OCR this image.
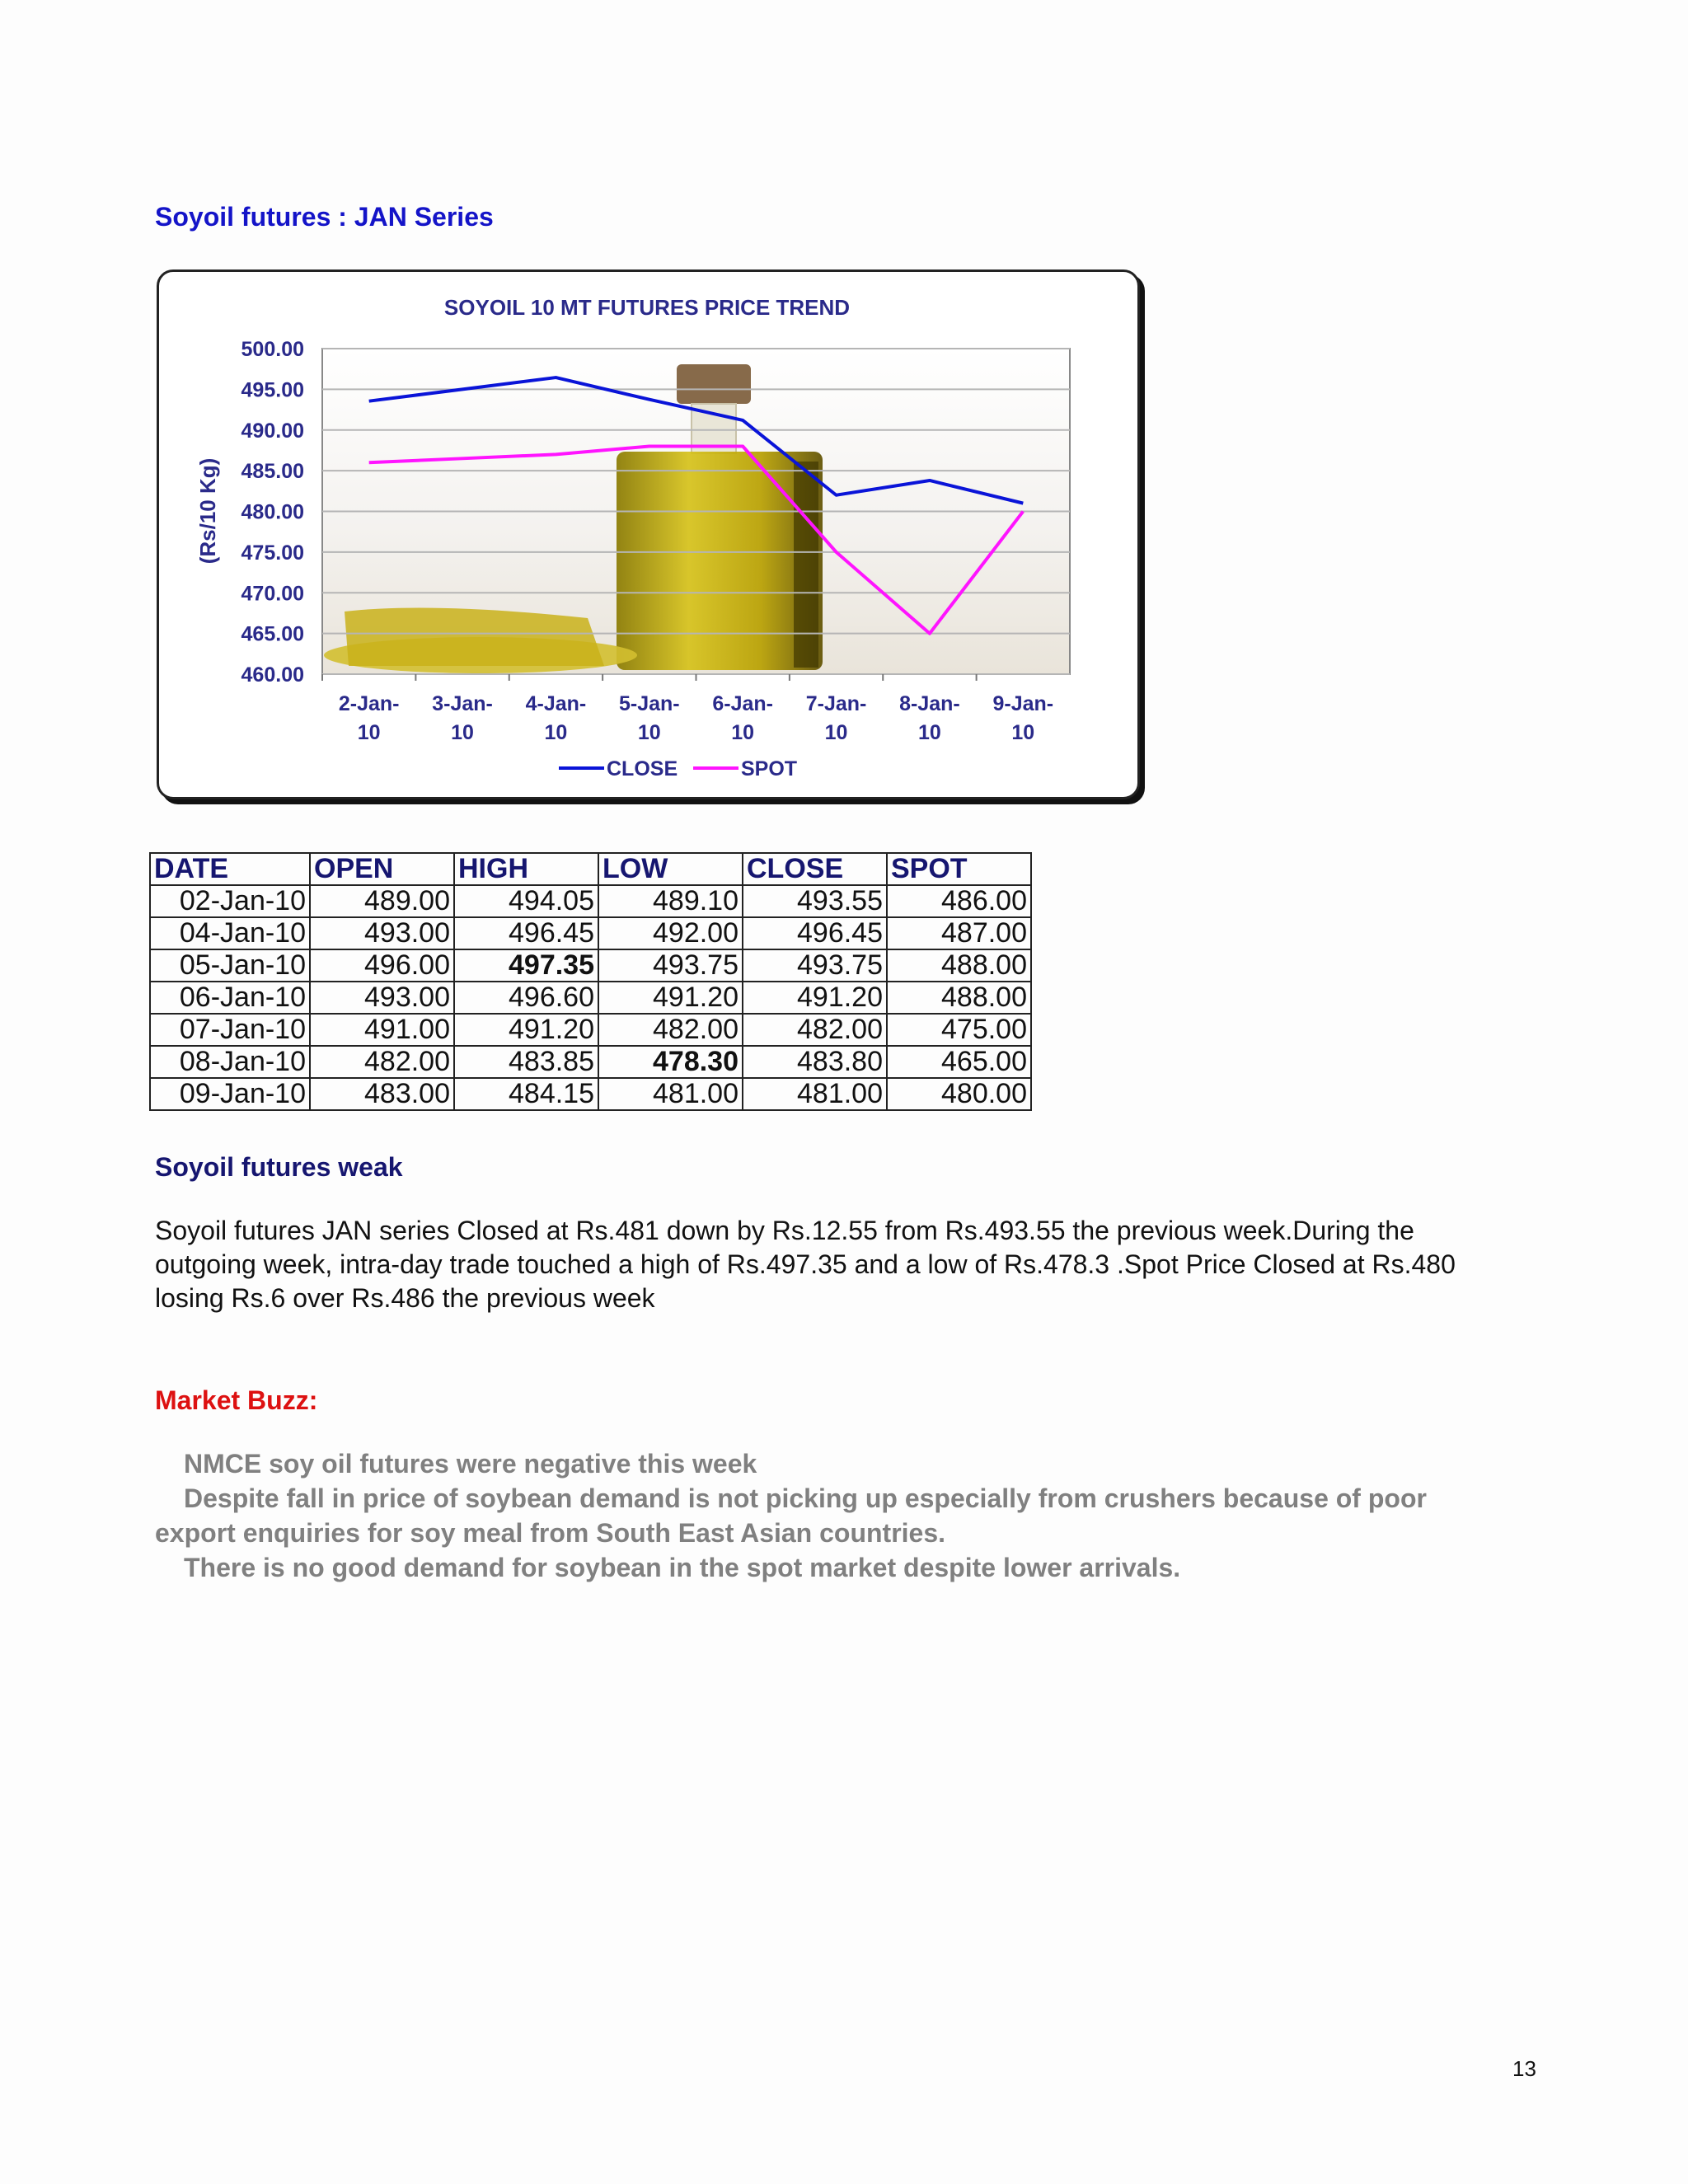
Soyoil futures : JAN Series
500.00
495.00
490.00
485.00
480.00
475.00
470.00
465.00
460.00
2-Jan-10
3-Jan-10
4-Jan-10
5-Jan-10
6-Jan-10
7-Jan-10
8-Jan-10
9-Jan-10
SOYOIL 10 MT FUTURES PRICE TREND
(Rs/10 Kg)
CLOSE	SPOT
DATE	OPEN	HIGH	LOW	CLOSE	SPOT
02-Jan-10	489.00	494.05	489.10	493.55	486.00
04-Jan-10	493.00	496.45	492.00	496.45	487.00
05-Jan-10	496.00	497.35	493.75	493.75	488.00
06-Jan-10	493.00	496.60	491.20	491.20	488.00
07-Jan-10	491.00	491.20	482.00	482.00	475.00
08-Jan-10	482.00	483.85	478.30	483.80	465.00
09-Jan-10	483.00	484.15	481.00	481.00	480.00
Soyoil futures weak
Soyoil futures JAN series Closed at Rs.481 down by Rs.12.55 from Rs.493.55 the previous week.During the outgoing week, intra-day trade touched a high of Rs.497.35 and a low of Rs.478.3 .Spot Price Closed at Rs.480 losing Rs.6 over Rs.486 the previous week
Market Buzz:

NMCE soy oil futures were negative this week

Despite fall in price of soybean demand is not picking up especially from crushers because of poor export enquiries for soy meal from South East Asian countries.

There is no good demand for soybean in the spot market despite lower arrivals.

13
